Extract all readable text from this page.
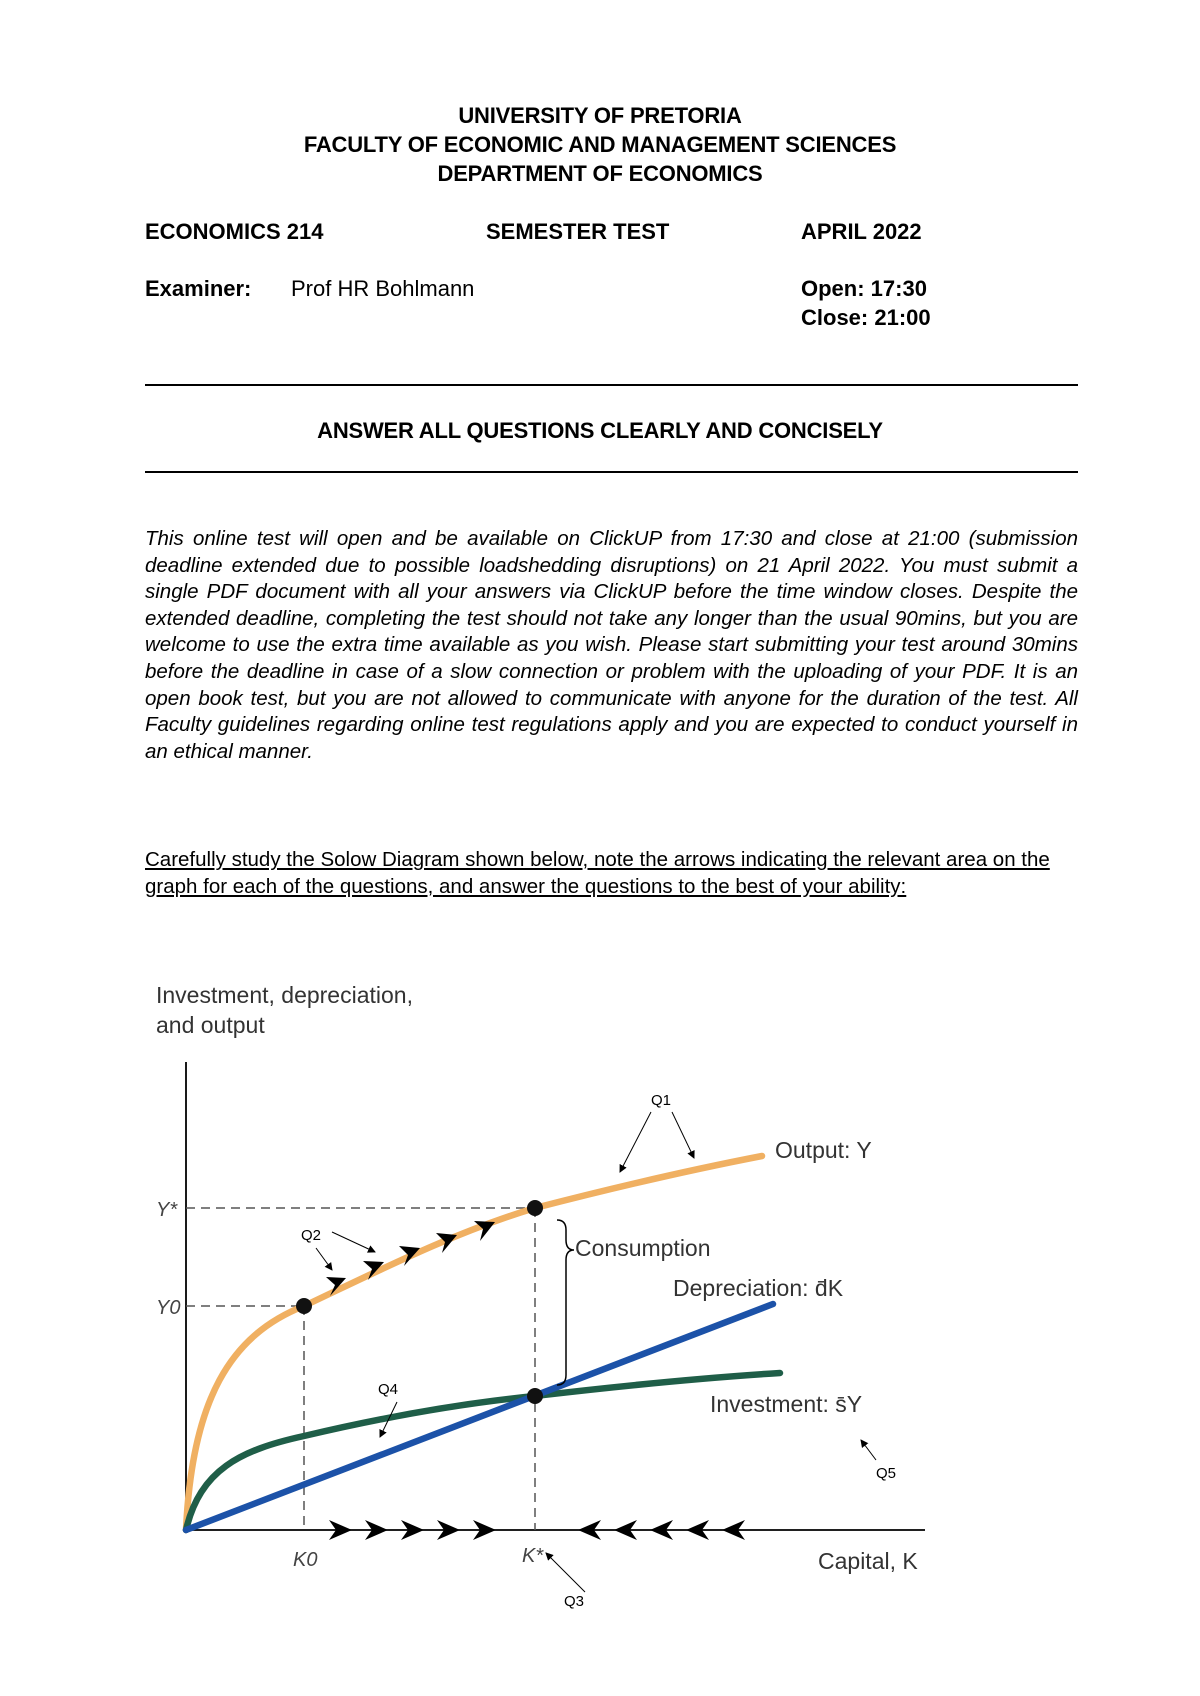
UNIVERSITY OF PRETORIA
FACULTY OF ECONOMIC AND MANAGEMENT SCIENCES
DEPARTMENT OF ECONOMICS
ECONOMICS 214	SEMESTER TEST	APRIL 2022
Examiner: Prof HR Bohlmann	Open: 17:30
Close: 21:00
ANSWER ALL QUESTIONS CLEARLY AND CONCISELY
This online test will open and be available on ClickUP from 17:30 and close at 21:00 (submission deadline extended due to possible loadshedding disruptions) on 21 April 2022. You must submit a single PDF document with all your answers via ClickUP before the time window closes. Despite the extended deadline, completing the test should not take any longer than the usual 90mins, but you are welcome to use the extra time available as you wish. Please start submitting your test around 30mins before the deadline in case of a slow connection or problem with the uploading of your PDF. It is an open book test, but you are not allowed to communicate with anyone for the duration of the test. All Faculty guidelines regarding online test regulations apply and you are expected to conduct yourself in an ethical manner.
Carefully study the Solow Diagram shown below, note the arrows indicating the relevant area on the graph for each of the questions, and answer the questions to the best of your ability:
Investment, depreciation,
and output
Output: Y
Consumption
Depreciation: d̄K
Investment: s̄Y
Capital, K
Y*
Y0
K0	K*
Q1
Q2
Q3
Q4
Q5
